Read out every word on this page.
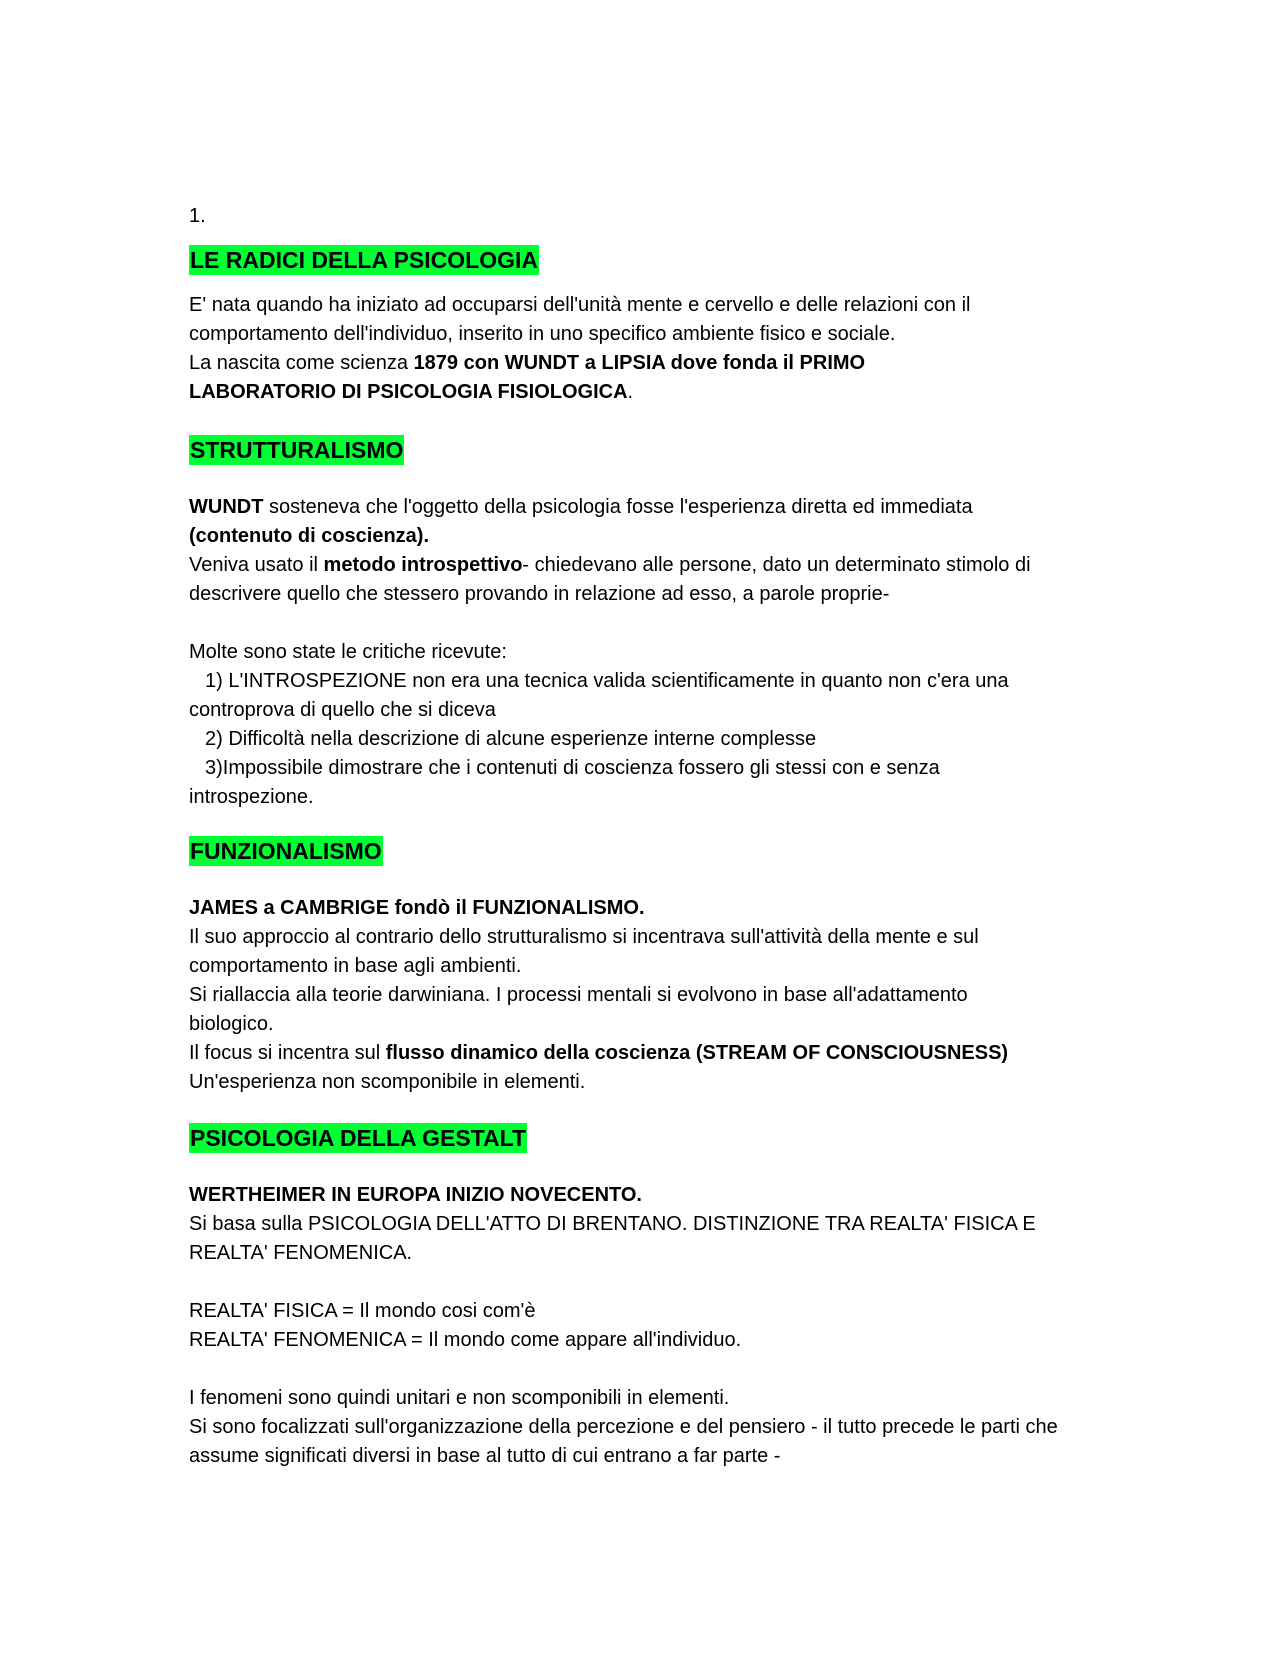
1.
LE RADICI DELLA PSICOLOGIA
E' nata quando ha iniziato ad occuparsi dell'unità mente e cervello e delle relazioni con il comportamento dell'individuo, inserito in uno specifico ambiente fisico e sociale.
La nascita come scienza 1879 con WUNDT a LIPSIA dove fonda il PRIMO LABORATORIO DI PSICOLOGIA FISIOLOGICA.
STRUTTURALISMO
WUNDT sosteneva che l'oggetto della psicologia fosse l'esperienza diretta ed immediata
(contenuto di coscienza).
Veniva usato il metodo introspettivo- chiedevano alle persone, dato un determinato stimolo di descrivere quello che stessero provando in relazione ad esso, a parole proprie-
Molte sono state le critiche ricevute:
1) L'INTROSPEZIONE non era una tecnica valida scientificamente in quanto non c'era una
controprova di quello che si diceva
2) Difficoltà nella descrizione di alcune esperienze interne complesse
3)Impossibile dimostrare che i contenuti di coscienza fossero gli stessi con e senza
introspezione.
FUNZIONALISMO
JAMES a CAMBRIGE fondò il FUNZIONALISMO.
Il suo approccio al contrario dello strutturalismo si incentrava sull'attività della mente e sul comportamento in base agli ambienti.
Si riallaccia alla teorie darwiniana. I processi mentali si evolvono in base all'adattamento biologico.
Il focus si incentra sul flusso dinamico della coscienza (STREAM OF CONSCIOUSNESS)
Un'esperienza non scomponibile in elementi.
PSICOLOGIA DELLA GESTALT
WERTHEIMER IN EUROPA INIZIO NOVECENTO.
Si basa sulla PSICOLOGIA DELL'ATTO DI BRENTANO. DISTINZIONE TRA REALTA' FISICA E REALTA' FENOMENICA.
REALTA' FISICA = Il mondo cosi com'è
REALTA' FENOMENICA = Il mondo come appare all'individuo.
I fenomeni sono quindi unitari e non scomponibili in elementi.
Si sono focalizzati sull'organizzazione della percezione e del pensiero - il tutto precede le parti che assume significati diversi in base al tutto di cui entrano a far parte -
